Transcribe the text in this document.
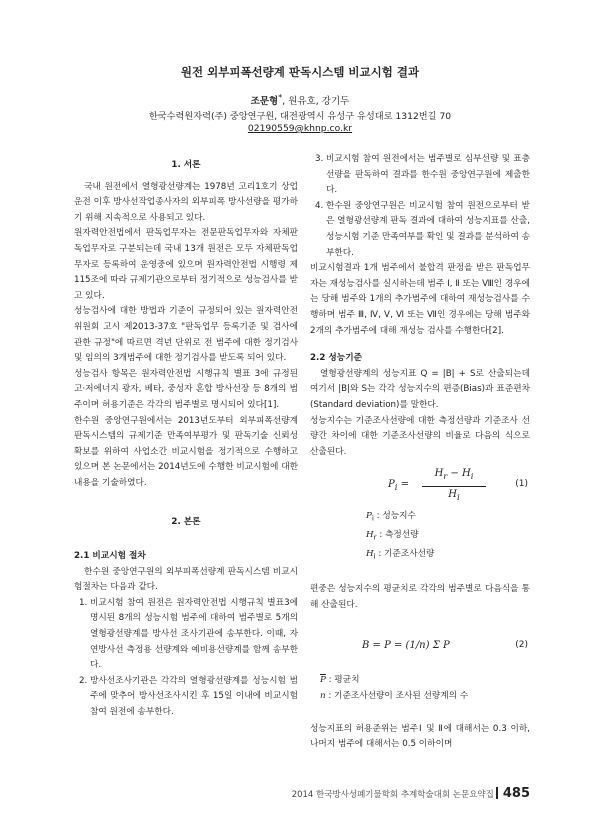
원전 외부피폭선량계 판독시스템 비교시험 결과
조문형*, 원유호, 강기두
한국수력원자력(주) 중앙연구원, 대전광역시 유성구 유성대로 1312번길 70
02190559@khnp.co.kr
1. 서론

국내 원전에서 열형광선량계는 1978년 고리1호기 상업운전 이후 방사선작업종사자의 외부피폭 방사선량을 평가하기 위해 지속적으로 사용되고 있다.

원자력안전법에서 판독업무자는 전문판독업무자와 자체판독업무자로 구분되는데 국내 13개 원전은 모두 자체판독업무자로 등록하여 운영중에 있으며 원자력안전법 시행령 제115조에 따라 규제기관으로부터 정기적으로 성능검사를 받고 있다.

성능검사에 대한 방법과 기준이 규정되어 있는 원자력안전위원회 고시 제2013-37호 "판독업무 등록기준 및 검사에 관한 규정"에 따르면 격년 단위로 전 범주에 대한 정기검사 및 임의의 3개범주에 대한 정기검사를 받도록 되어 있다.

성능검사 항목은 원자력안전법 시행규칙 별표 3에 규정된 고·저에너지 광자, 베타, 중성자 혼합 방사선장 등 8개의 범주이며 허용기준은 각각의 범주별로 명시되어 있다[1].

한수원 중앙연구원에서는 2013년도부터 외부피폭선량계 판독시스템의 규제기준 만족여부평가 및 판독기술 신뢰성 확보를 위하여 사업소간 비교시험을 정기적으로 수행하고 있으며 본 논문에서는 2014년도에 수행한 비교시험에 대한 내용을 기술하였다.

2. 본론
2.1 비교시험 절차

한수원 중앙연구원의 외부피폭선량계 판독시스템 비교시험절차는 다음과 같다.

1. 비교시험 참여 원전은 원자력안전법 시행규칙 별표3에 명시된 8개의 성능시험 범주에 대하여 범주별로 5개의 열형광선량계를 방사선 조사기관에 송부한다. 이때, 자연방사선 측정용 선량계와 예비용선량계를 함께 송부한다.
2. 방사선조사기관은 각각의 열형광선량계를 성능시험 범주에 맞추어 방사선조사시킨 후 15일 이내에 비교시험 참여 원전에 송부한다.
3. 비교시험 참여 원전에서는 범주별로 심부선량 및 표층선량을 판독하여 결과를 한수원 중앙연구원에 제출한다.
4. 한수원 중앙연구원은 비교시험 참여 원전으로부터 받은 열형광선량계 판독 결과에 대하여 성능지표를 산출, 성능시험 기준 만족여부를 확인 및 결과를 분석하여 송부한다.

비교시험결과 1개 범주에서 불합격 판정을 받은 판독업무자는 재성능검사를 실시하는데 범주 Ⅰ, Ⅱ 또는 Ⅷ인 경우에는 당해 범주와 1개의 추가범주에 대하여 재성능검사를 수행하며 범주 Ⅲ, Ⅳ, Ⅴ, Ⅵ 또는 Ⅶ인 경우에는 당해 범주와 2개의 추가범주에 대해 재성능 검사를 수행한다[2].

2.2 성능기준

열형광선량계의 성능지표 Q = |B| + S로 산출되는데 여기서 |B|와 S는 각각 성능지수의 편증(Bias)과 표준편차(Standard deviation)를 말한다.

성능지수는 기준조사선량에 대한 측정선량과 기준조사 선량간 차이에 대한 기준조사선량의 비율로 다음의 식으로 산출된다.

$P_i = \frac{H_r - H_i}{H_i}$	(1)
$P_i$ : 성능지수
$H_r$ : 측정선량
$H_i$ : 기준조사선량

편중은 성능지수의 평균치로 각각의 범주별로 다음식을 통해 산출된다.

B = P = (1/n) Σ P	(2)
$\overline{P}$ : 평균치
n : 기준조사선량이 조사된 선량계의 수

성능지표의 허용준위는 범주Ⅰ 및 Ⅱ에 대해서는 0.3 이하, 나머지 범주에 대해서는 0.5 이하이며

2014 한국방사성폐기물학회 추계학술대회 논문요약집 485
